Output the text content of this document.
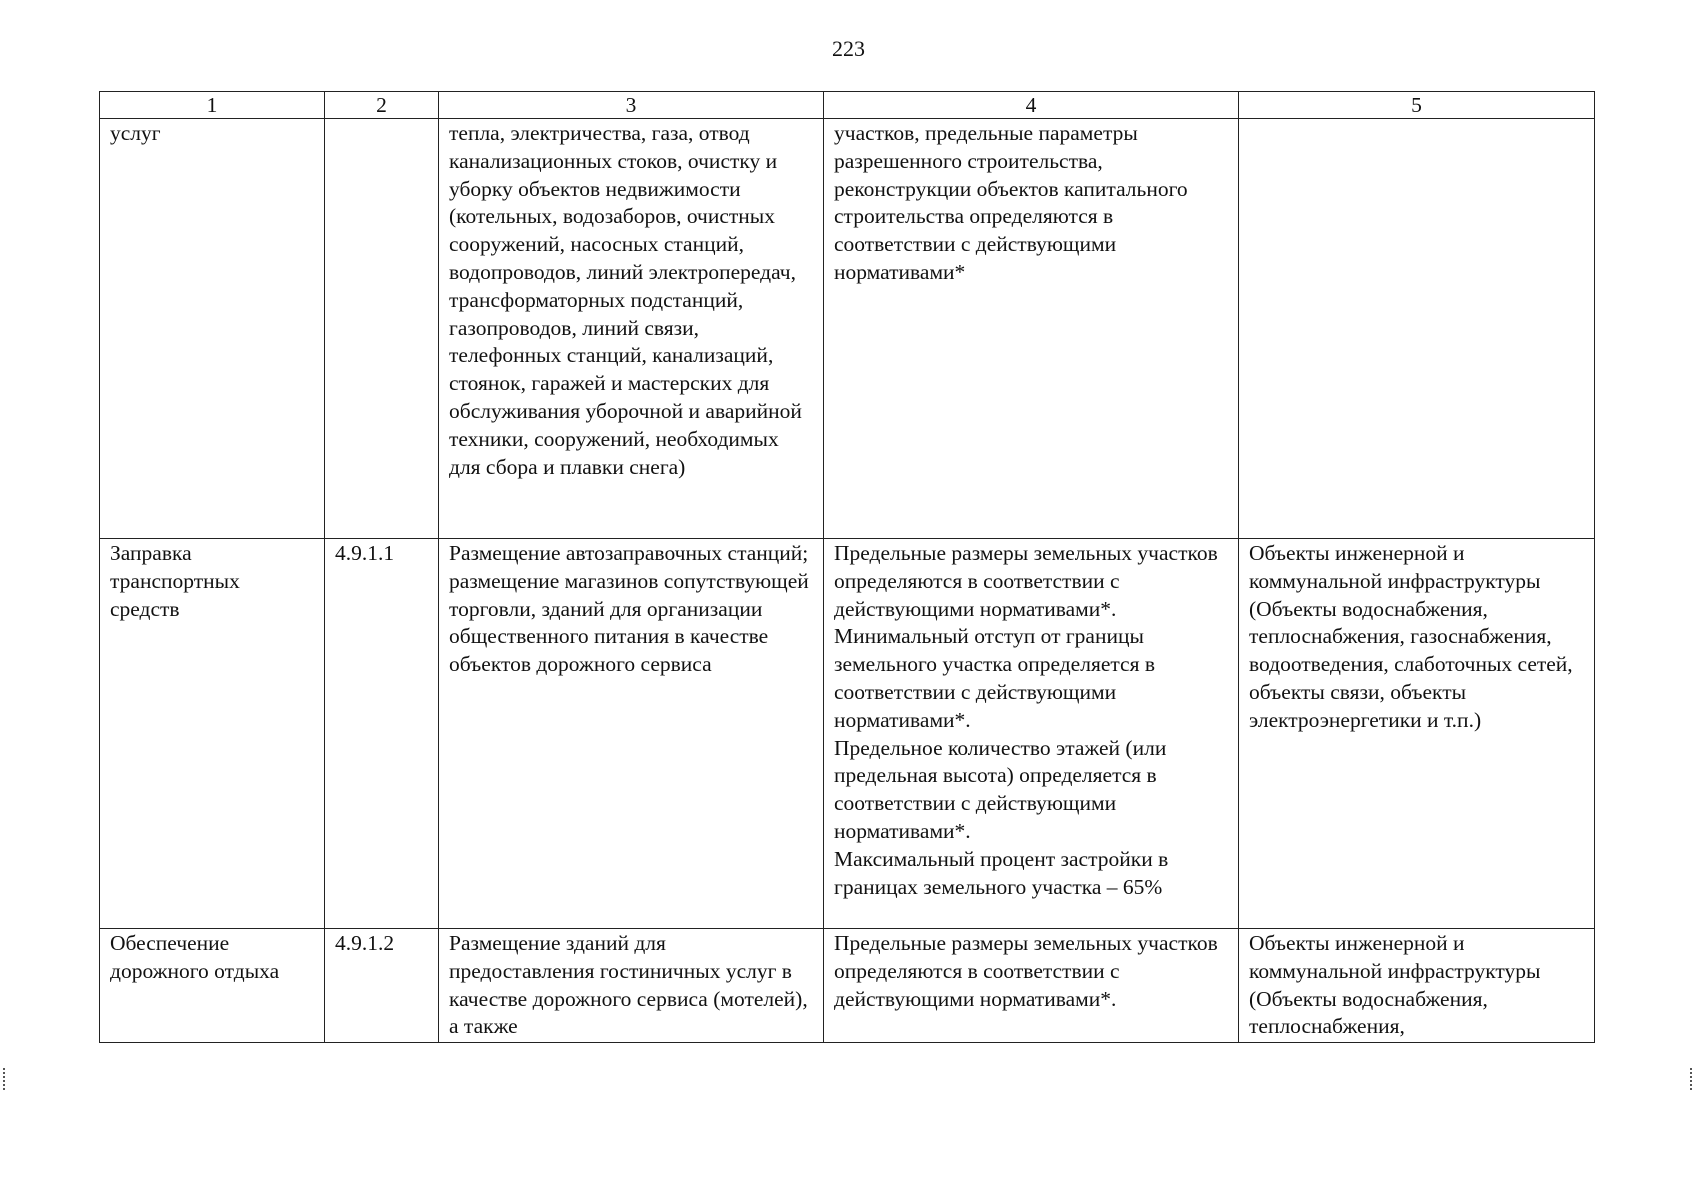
223
1	2	3	4	5
услуг		тепла, электричества, газа, отвод канализационных стоков, очистку и уборку объектов недвижимости (котельных, водозаборов, очистных сооружений, насосных станций, водопроводов, линий электропередач, трансформаторных подстанций, газопроводов, линий связи, телефонных станций, канализаций, стоянок, гаражей и мастерских для обслуживания уборочной и аварийной техники, сооружений, необходимых для сбора и плавки снега)	участков, предельные параметры разрешенного строительства, реконструкции объектов капитального строительства определяются в соответствии с действующими нормативами*	
Заправка транспортных средств	4.9.1.1	Размещение автозаправочных станций; размещение магазинов сопутствующей торговли, зданий для организации общественного питания в качестве объектов дорожного сервиса	Предельные размеры земельных участков определяются в соответствии с действующими нормативами*.
Минимальный отступ от границы земельного участка определяется в соответствии с действующими нормативами*.
Предельное количество этажей (или предельная высота) определяется в соответствии с действующими нормативами*.
Максимальный процент застройки в границах земельного участка – 65%	Объекты инженерной и коммунальной инфраструктуры (Объекты водоснабжения, теплоснабжения, газоснабжения, водоотведения, слаботочных сетей, объекты связи, объекты электроэнергетики и т.п.)
Обеспечение дорожного отдыха	4.9.1.2	Размещение зданий для предоставления гостиничных услуг в качестве дорожного сервиса (мотелей), а также	Предельные размеры земельных участков определяются в соответствии с действующими нормативами*.	Объекты инженерной и коммунальной инфраструктуры (Объекты водоснабжения, теплоснабжения,
